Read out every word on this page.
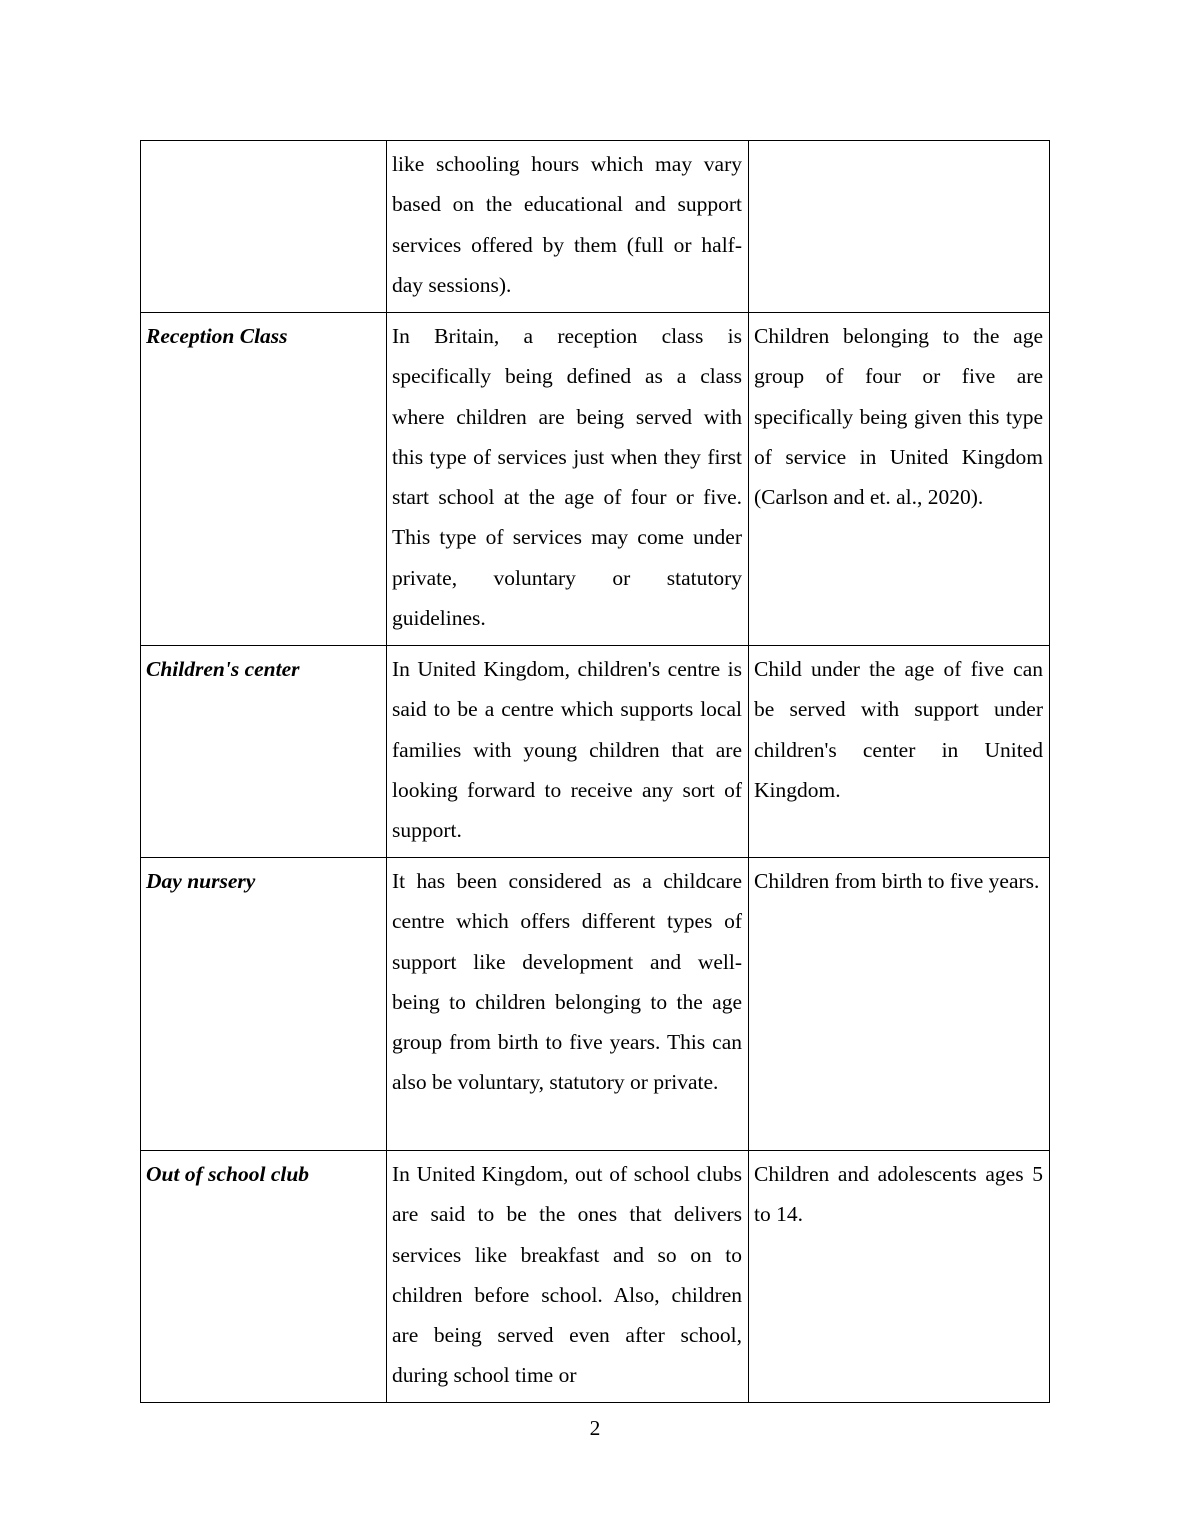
	like schooling hours which may vary based on the educational and support services offered by them (full or half-day sessions).	
Reception Class	In Britain, a reception class is specifically being defined as a class where children are being served with this type of services just when they first start school at the age of four or five. This type of services may come under private, voluntary or statutory guidelines.	Children belonging to the age group of four or five are specifically being given this type of service in United Kingdom (Carlson and et. al., 2020).
Children's center	In United Kingdom, children's centre is said to be a centre which supports local families with young children that are looking forward to receive any sort of support.	Child under the age of five can be served with support under children's center in United Kingdom.
Day nursery	It has been considered as a childcare centre which offers different types of support like development and well-being to children belonging to the age group from birth to five years. This can also be voluntary, statutory or private.	Children from birth to five years.
Out of school club	In United Kingdom, out of school clubs are said to be the ones that delivers services like breakfast and so on to children before school. Also, children are being served even after school, during school time or	Children and adolescents ages 5 to 14.
2
